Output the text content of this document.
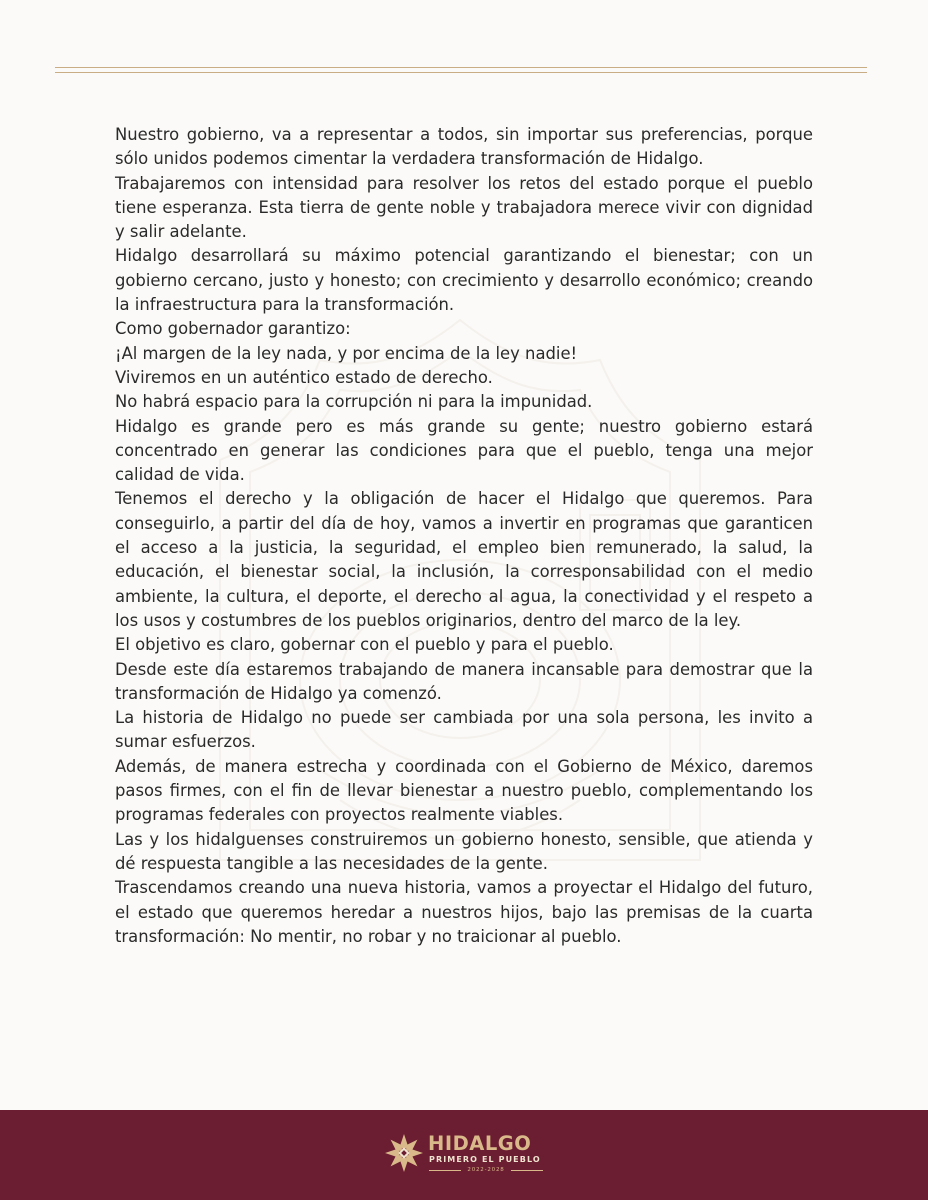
Nuestro gobierno, va a representar a todos, sin importar sus preferencias, porque sólo unidos podemos cimentar la verdadera transformación de Hidalgo.

Trabajaremos con intensidad para resolver los retos del estado porque el pueblo tiene esperanza. Esta tierra de gente noble y trabajadora merece vivir con dignidad y salir adelante.

Hidalgo desarrollará su máximo potencial garantizando el bienestar; con un gobierno cercano, justo y honesto; con crecimiento y desarrollo económico; creando la infraestructura para la transformación.

Como gobernador garantizo:

¡Al margen de la ley nada, y por encima de la ley nadie!

Viviremos en un auténtico estado de derecho.

No habrá espacio para la corrupción ni para la impunidad.

Hidalgo es grande pero es más grande su gente; nuestro gobierno estará concentrado en generar las condiciones para que el pueblo, tenga una mejor calidad de vida.

Tenemos el derecho y la obligación de hacer el Hidalgo que queremos. Para conseguirlo, a partir del día de hoy, vamos a invertir en programas que garanticen el acceso a la justicia, la seguridad, el empleo bien remunerado, la salud, la educación, el bienestar social, la inclusión, la corresponsabilidad con el medio ambiente, la cultura, el deporte, el derecho al agua, la conectividad y el respeto a los usos y costumbres de los pueblos originarios, dentro del marco de la ley.

El objetivo es claro, gobernar con el pueblo y para el pueblo.

Desde este día estaremos trabajando de manera incansable para demostrar que la transformación de Hidalgo ya comenzó.

La historia de Hidalgo no puede ser cambiada por una sola persona, les invito a sumar esfuerzos.

Además, de manera estrecha y coordinada con el Gobierno de México, daremos pasos firmes, con el fin de llevar bienestar a nuestro pueblo, complementando los programas federales con proyectos realmente viables.

Las y los hidalguenses construiremos un gobierno honesto, sensible, que atienda y dé respuesta tangible a las necesidades de la gente.

Trascendamos creando una nueva historia, vamos a proyectar el Hidalgo del futuro, el estado que queremos heredar a nuestros hijos, bajo las premisas de la cuarta transformación: No mentir, no robar y no traicionar al pueblo.

HIDALGO
PRIMERO EL PUEBLO
2022-2028
